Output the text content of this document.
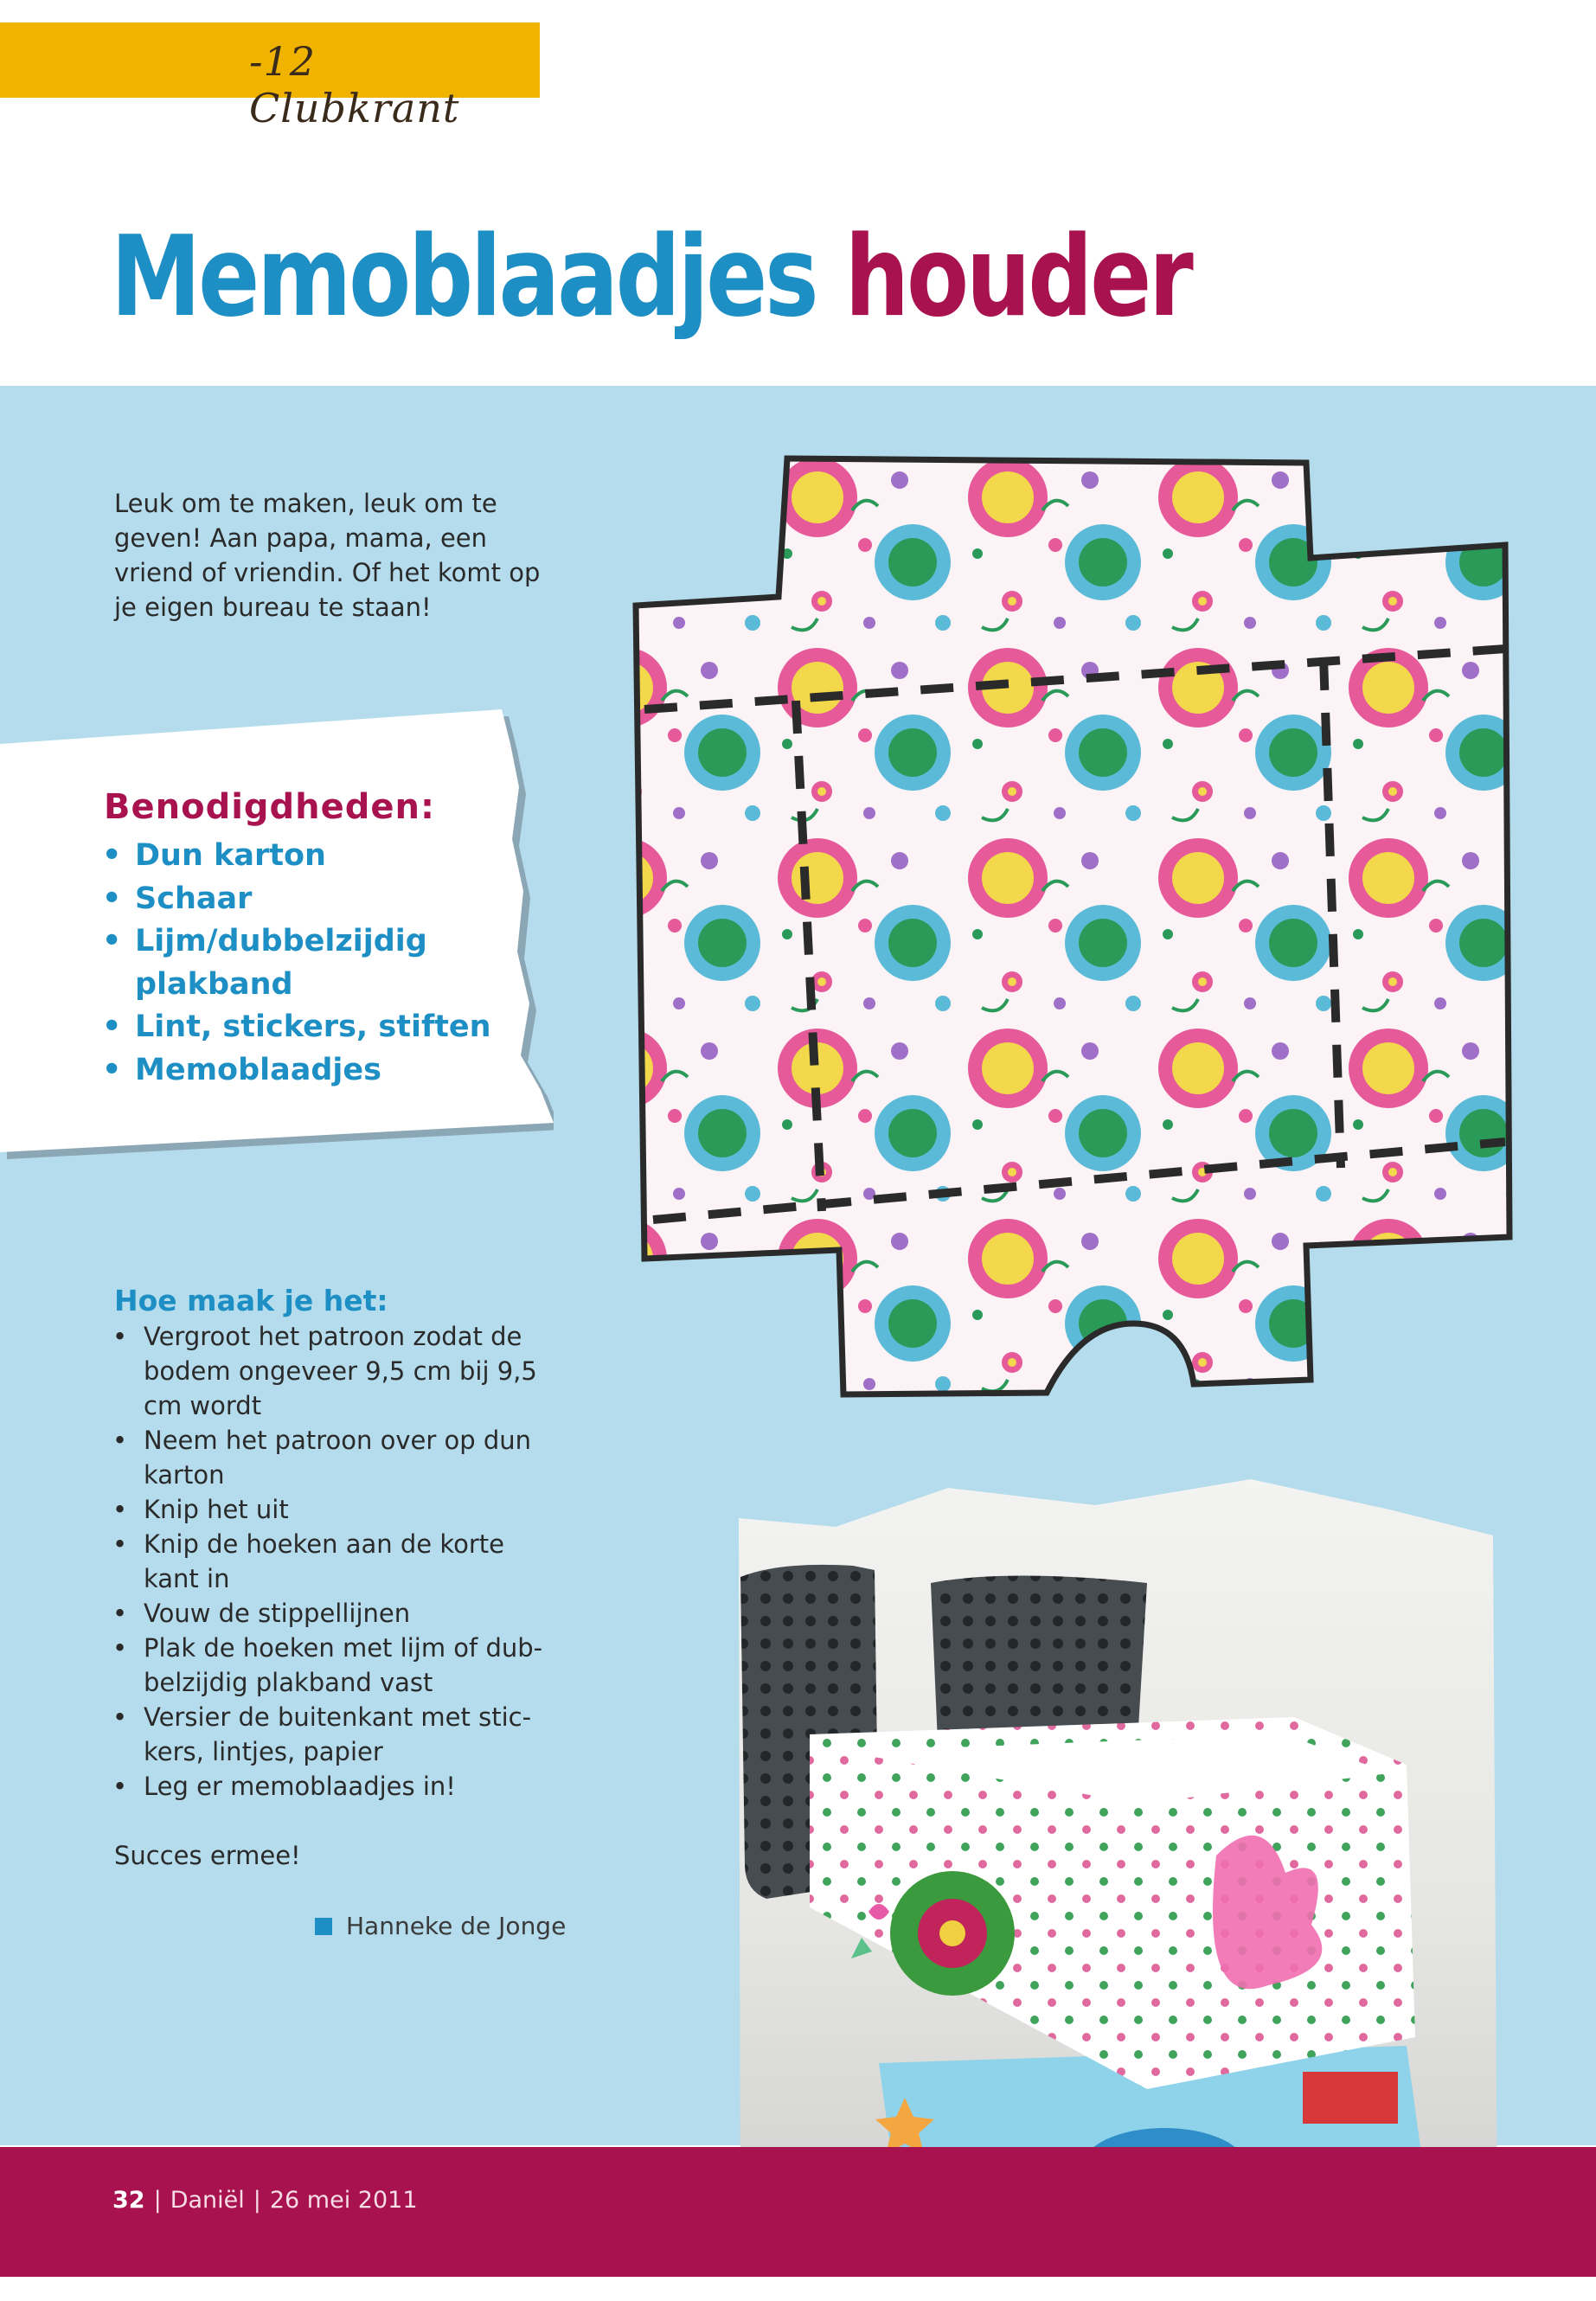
-12 Clubkrant
Memoblaadjes houder
Leuk om te maken, leuk om te geven! Aan papa, mama, een vriend of vriendin. Of het komt op je eigen bureau te staan!
Benodigdheden:
• Dun karton
• Schaar
• Lijm/dubbelzijdig plakband
• Lint, stickers, stiften
• Memoblaadjes
Hoe maak je het:
• Vergroot het patroon zodat de bodem ongeveer 9,5 cm bij 9,5 cm wordt
• Neem het patroon over op dun karton
• Knip het uit
• Knip de hoeken aan de korte kant in
• Vouw de stippellijnen
• Plak de hoeken met lijm of dub-belzijdig plakband vast
• Versier de buitenkant met stic-kers, lintjes, papier
• Leg er memoblaadjes in!
Succes ermee!
Hanneke de Jonge
32 | Daniël | 26 mei 2011
